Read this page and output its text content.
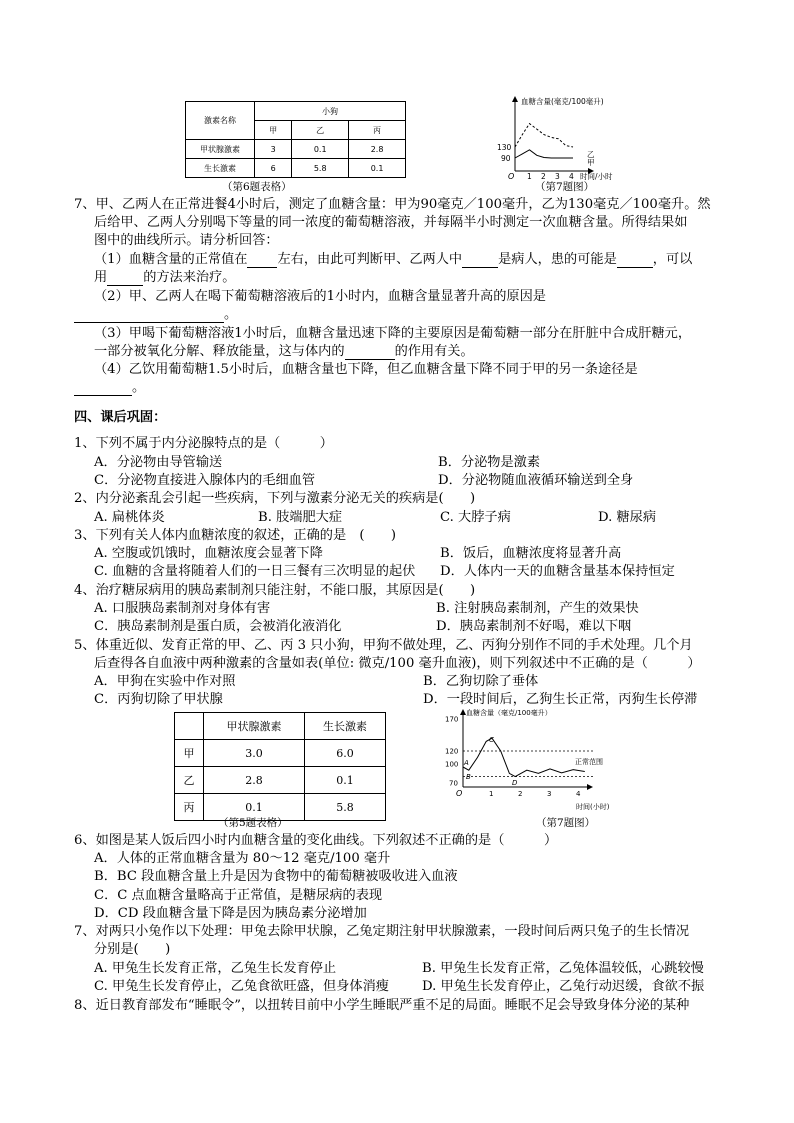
激素名称	小狗		
	甲	乙	丙
甲状腺激素	3	0.1	2.8
生长激素	6	5.8	0.1
（第6题表格）
血糖含量(毫克/100毫升)
130
90
O 1 2 3 4 时间/小时
乙
甲
（第7题图）
7、甲、乙两人在正常进餐4小时后，测定了血糖含量：甲为90毫克／100毫升，乙为130毫克／100毫升。然
后给甲、乙两人分别喝下等量的同一浓度的葡萄糖溶液，并每隔半小时测定一次血糖含量。所得结果如
图中的曲线所示。请分析回答：
（1）血糖含量的正常值在 左右，由此可判断甲、乙两人中	是病人，患的可能是	，可以
用	的方法来治疗。
（2）甲、乙两人在喝下葡萄糖溶液后的1小时内，血糖含量显著升高的原因是
。
（3）甲喝下葡萄糖溶液1小时后，血糖含量迅速下降的主要原因是葡萄糖一部分在肝脏中合成肝糖元，
一部分被氧化分解、释放能量，这与体内的	的作用有关。
（4）乙饮用葡萄糖1.5小时后，血糖含量也下降，但乙血糖含量下降不同于甲的另一条途径是
。
四、课后巩固：
1、下列不属于内分泌腺特点的是（　　　）
A．分泌物由导管输送	B．分泌物是激素
C．分泌物直接进入腺体内的毛细血管	D．分泌物随血液循环输送到全身
2、内分泌紊乱会引起一些疾病，下列与激素分泌无关的疾病是(　　)
A. 扁桃体炎	B. 肢端肥大症	C. 大脖子病	D. 糖尿病
3、下列有关人体内血糖浓度的叙述，正确的是　(　　)
A. 空腹或饥饿时，血糖浓度会显著下降	B．饭后，血糖浓度将显著升高
C. 血糖的含量将随着人们的一日三餐有三次明显的起伏 D．人体内一天的血糖含量基本保持恒定
4、治疗糖尿病用的胰岛素制剂只能注射，不能口服，其原因是(　　)
A. 口服胰岛素制剂对身体有害	B. 注射胰岛素制剂，产生的效果快
C．胰岛素制剂是蛋白质，会被消化液消化	D．胰岛素制剂不好喝，难以下咽
5、体重近似、发育正常的甲、乙、丙 3 只小狗，甲狗不做处理，乙、丙狗分别作不同的手术处理。几个月
后查得各自血液中两种激素的含量如表(单位: 微克/100 毫升血液)，则下列叙述中不正确的是（　　　）
A．甲狗在实验中作对照	B．乙狗切除了垂体
C．丙狗切除了甲状腺	D．一段时间后，乙狗生长正常，丙狗生长停滞
	甲状腺激素	生长激素
甲	3.0	6.0
乙	2.8	0.1
丙	0.1	5.8
（第5题表格）
血糖含量（毫克/100毫升）
170
120
100
70
O	1	2	3	4
时间(小时)
正常范围
A
B
C
D
（第7题图）
6、如图是某人饭后四小时内血糖含量的变化曲线。下列叙述不正确的是（　　　）
A．人体的正常血糖含量为 80～12 毫克/100 毫升
B．BC 段血糖含量上升是因为食物中的葡萄糖被吸收进入血液
C．C 点血糖含量略高于正常值，是糖尿病的表现
D．CD 段血糖含量下降是因为胰岛素分泌增加
7、对两只小兔作以下处理：甲兔去除甲状腺，乙兔定期注射甲状腺激素，一段时间后两只兔子的生长情况
分别是(　　)
A. 甲兔生长发育正常，乙兔生长发育停止	B. 甲兔生长发育正常，乙兔体温较低，心跳较慢
C. 甲兔生长发育停止，乙兔食欲旺盛，但身体消瘦	D. 甲兔生长发育停止，乙兔行动迟缓，食欲不振
8、近日教育部发布“睡眠令”，以扭转目前中小学生睡眠严重不足的局面。睡眠不足会导致身体分泌的某种
